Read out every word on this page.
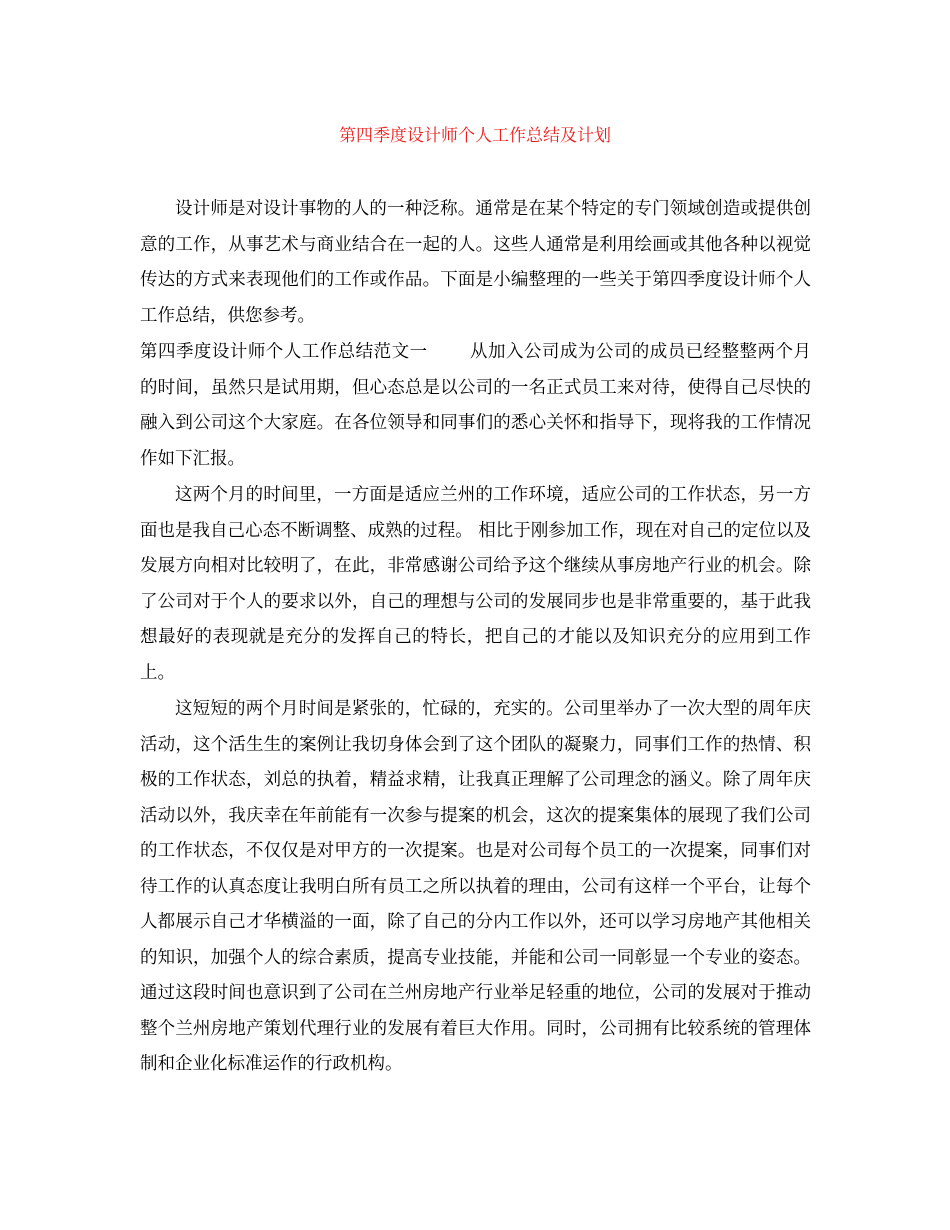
第四季度设计师个人工作总结及计划

设计师是对设计事物的人的一种泛称。通常是在某个特定的专门领域创造或提供创意的工作，从事艺术与商业结合在一起的人。这些人通常是利用绘画或其他各种以视觉传达的方式来表现他们的工作或作品。下面是小编整理的一些关于第四季度设计师个人工作总结，供您参考。

第四季度设计师个人工作总结范文一 从加入公司成为公司的成员已经整整两个月的时间，虽然只是试用期，但心态总是以公司的一名正式员工来对待，使得自己尽快的融入到公司这个大家庭。在各位领导和同事们的悉心关怀和指导下，现将我的工作情况作如下汇报。

这两个月的时间里，一方面是适应兰州的工作环境，适应公司的工作状态，另一方面也是我自己心态不断调整、成熟的过程。 相比于刚参加工作，现在对自己的定位以及发展方向相对比较明了，在此，非常感谢公司给予这个继续从事房地产行业的机会。除了公司对于个人的要求以外，自己的理想与公司的发展同步也是非常重要的，基于此我想最好的表现就是充分的发挥自己的特长，把自己的才能以及知识充分的应用到工作上。

这短短的两个月时间是紧张的，忙碌的，充实的。公司里举办了一次大型的周年庆活动，这个活生生的案例让我切身体会到了这个团队的凝聚力，同事们工作的热情、积极的工作状态，刘总的执着，精益求精，让我真正理解了公司理念的涵义。除了周年庆活动以外，我庆幸在年前能有一次参与提案的机会，这次的提案集体的展现了我们公司的工作状态，不仅仅是对甲方的一次提案。也是对公司每个员工的一次提案，同事们对待工作的认真态度让我明白所有员工之所以执着的理由，公司有这样一个平台，让每个人都展示自己才华横溢的一面，除了自己的分内工作以外，还可以学习房地产其他相关的知识，加强个人的综合素质，提高专业技能，并能和公司一同彰显一个专业的姿态。通过这段时间也意识到了公司在兰州房地产行业举足轻重的地位，公司的发展对于推动整个兰州房地产策划代理行业的发展有着巨大作用。同时，公司拥有比较系统的管理体制和企业化标准运作的行政机构。
